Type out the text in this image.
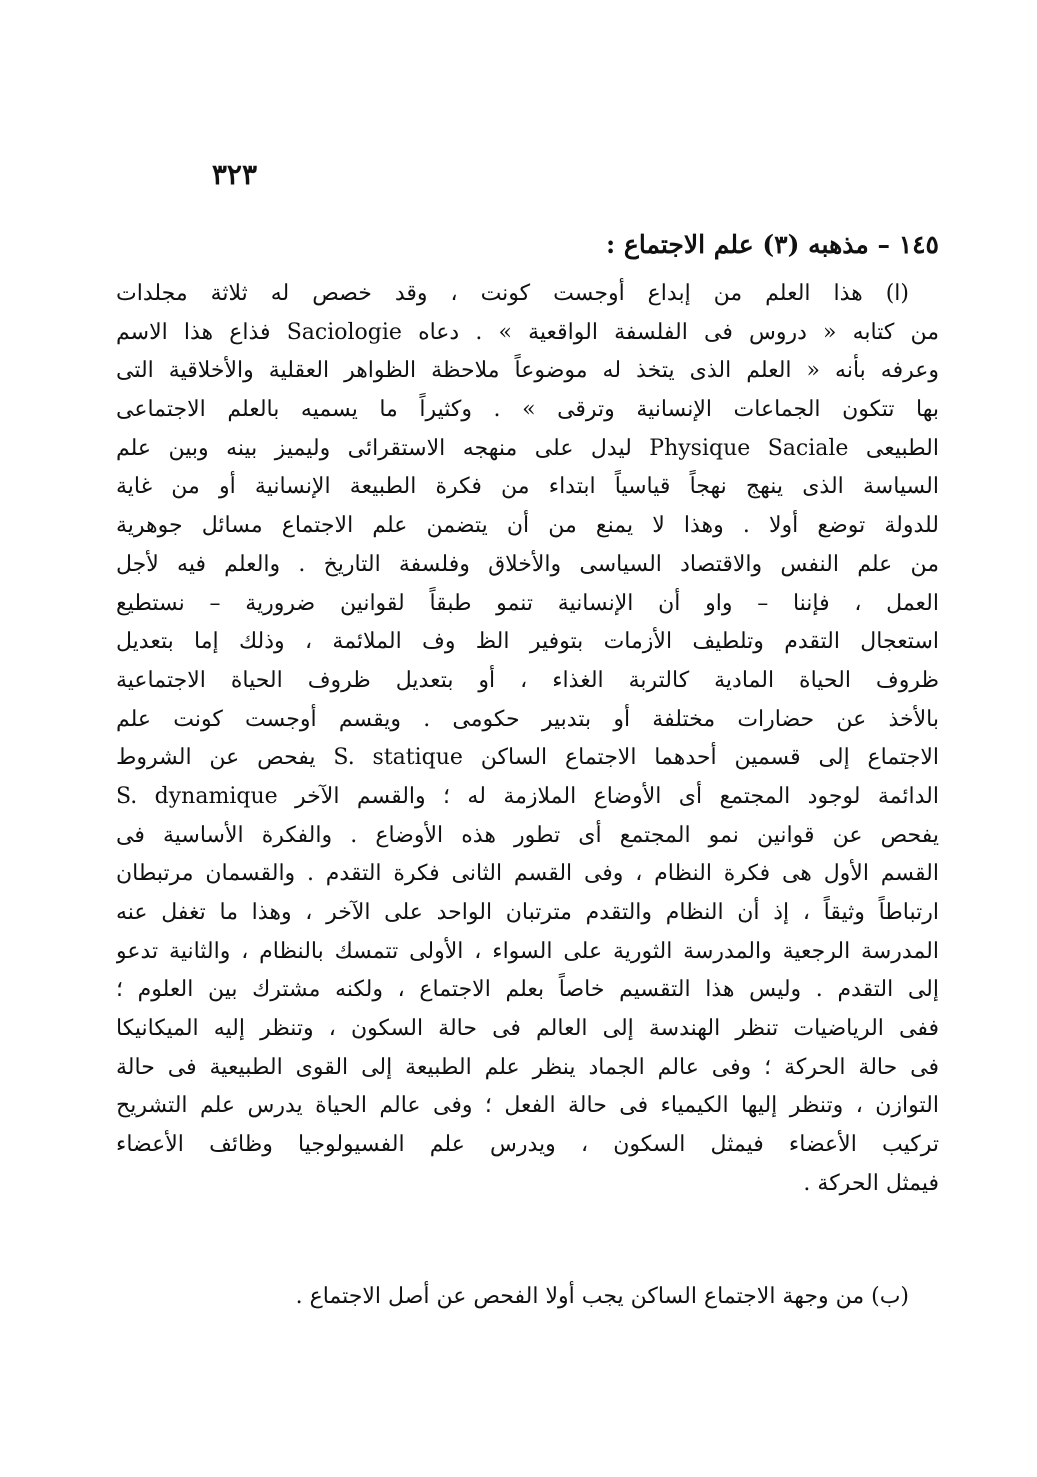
٣٢٣
١٤٥ – مذهبه (٣) علم الاجتماع :
(ا) هذا العلم من إبداع أوجست كونت ، وقد خصص له ثلاثة مجلدات
من كتابه « دروس فى الفلسفة الواقعية » . دعاه Saciologie فذاع هذا الاسم
وعرفه بأنه « العلم الذى يتخذ له موضوعاً ملاحظة الظواهر العقلية والأخلاقية التى
بها تتكون الجماعات الإنسانية وترقى » . وكثيراً ما يسميه بالعلم الاجتماعى
الطبيعى Physique Saciale ليدل على منهجه الاستقرائى وليميز بينه وبين علم
السياسة الذى ينهج نهجاً قياسياً ابتداء من فكرة الطبيعة الإنسانية أو من غاية
للدولة توضع أولا . وهذا لا يمنع من أن يتضمن علم الاجتماع مسائل جوهرية
من علم النفس والاقتصاد السياسى والأخلاق وفلسفة التاريخ . والعلم فيه لأجل
العمل ، فإننا – واو أن الإنسانية تنمو طبقاً لقوانين ضرورية – نستطيع
استعجال التقدم وتلطيف الأزمات بتوفير الظ وف الملائمة ، وذلك إما بتعديل
ظروف الحياة المادية كالتربة الغذاء ، أو بتعديل ظروف الحياة الاجتماعية
بالأخذ عن حضارات مختلفة أو بتدبير حكومى . ويقسم أوجست كونت علم
الاجتماع إلى قسمين أحدهما الاجتماع الساكن S. statique يفحص عن الشروط
الدائمة لوجود المجتمع أى الأوضاع الملازمة له ؛ والقسم الآخر S. dynamique
يفحص عن قوانين نمو المجتمع أى تطور هذه الأوضاع . والفكرة الأساسية فى
القسم الأول هى فكرة النظام ، وفى القسم الثانى فكرة التقدم . والقسمان مرتبطان
ارتباطاً وثيقاً ، إذ أن النظام والتقدم مترتبان الواحد على الآخر ، وهذا ما تغفل عنه
المدرسة الرجعية والمدرسة الثورية على السواء ، الأولى تتمسك بالنظام ، والثانية تدعو
إلى التقدم . وليس هذا التقسيم خاصاً بعلم الاجتماع ، ولكنه مشترك بين العلوم ؛
ففى الرياضيات تنظر الهندسة إلى العالم فى حالة السكون ، وتنظر إليه الميكانيكا
فى حالة الحركة ؛ وفى عالم الجماد ينظر علم الطبيعة إلى القوى الطبيعية فى حالة
التوازن ، وتنظر إليها الكيمياء فى حالة الفعل ؛ وفى عالم الحياة يدرس علم التشريح
تركيب الأعضاء فيمثل السكون ، ويدرس علم الفسيولوجيا وظائف الأعضاء
فيمثل الحركة .
(ب) من وجهة الاجتماع الساكن يجب أولا الفحص عن أصل الاجتماع .
